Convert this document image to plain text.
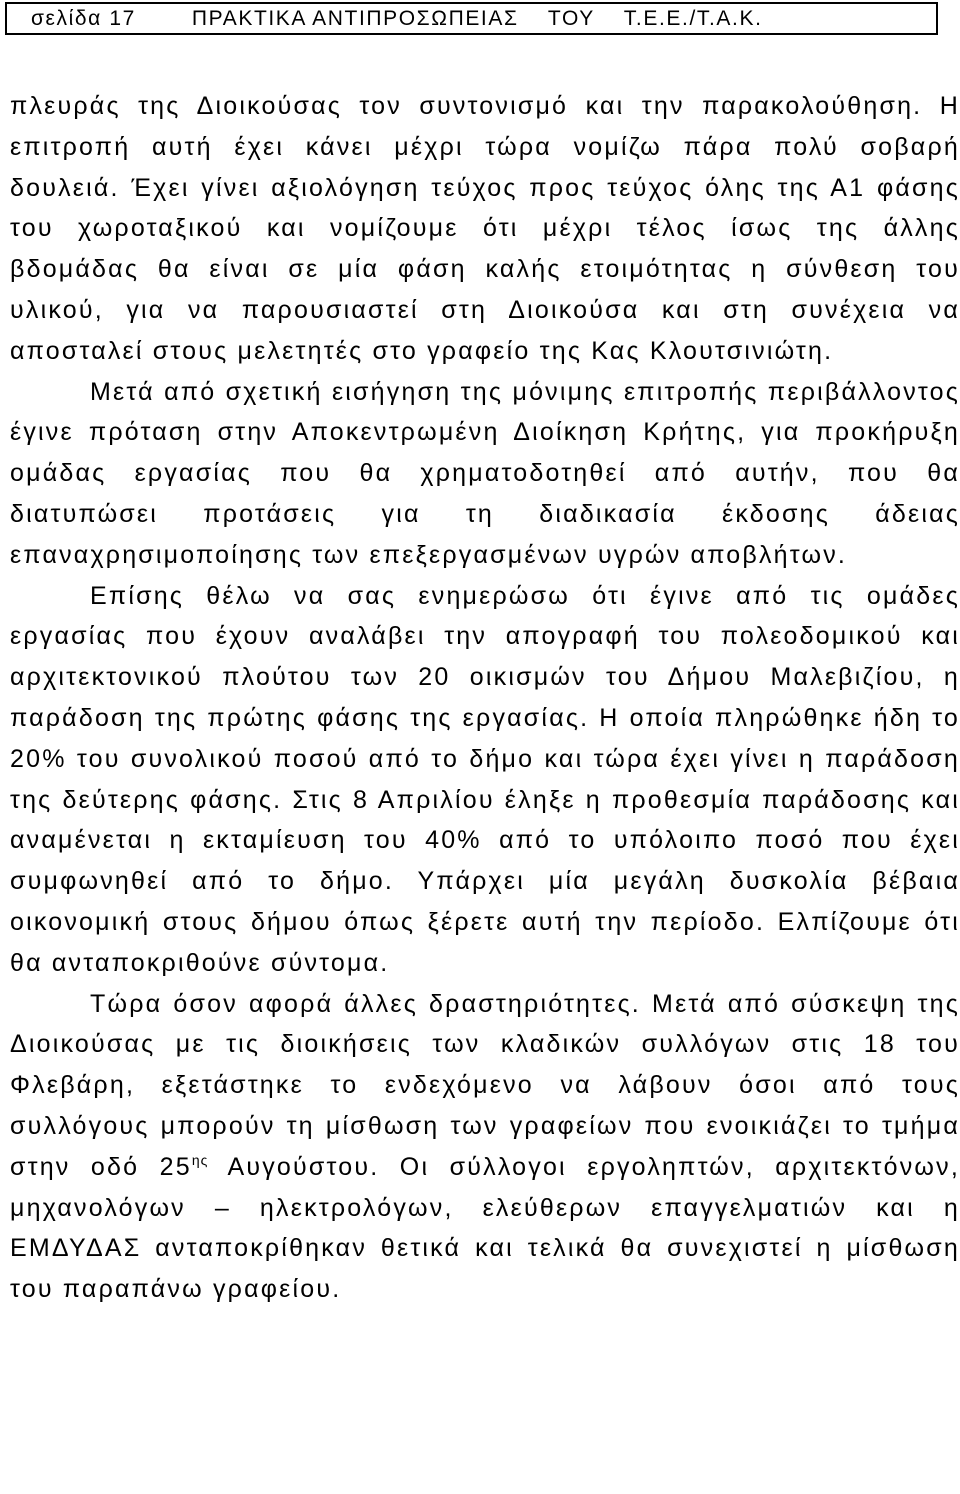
σελίδα 17	ΠΡΑΚΤΙΚΑ ΑΝΤΙΠΡΟΣΩΠΕΙΑΣ    ΤΟΥ    Τ.Ε.Ε./Τ.Α.Κ.

πλευράς της Διοικούσας τον συντονισμό και την παρακολούθηση. Η επιτροπή αυτή έχει κάνει μέχρι τώρα νομίζω πάρα πολύ σοβαρή δουλειά. Έχει γίνει αξιολόγηση τεύχος προς τεύχος όλης της Α1 φάσης του χωροταξικού και νομίζουμε ότι μέχρι τέλος ίσως της άλλης βδομάδας θα είναι σε μία φάση καλής ετοιμότητας η σύνθεση του υλικού, για να παρουσιαστεί στη Διοικούσα και στη συνέχεια να αποσταλεί στους μελετητές στο γραφείο της Κας Κλουτσινιώτη.

Μετά από σχετική εισήγηση της μόνιμης επιτροπής περιβάλλοντος έγινε πρόταση στην Αποκεντρωμένη Διοίκηση Κρήτης, για προκήρυξη ομάδας εργασίας που θα χρηματοδοτηθεί από αυτήν, που θα διατυπώσει προτάσεις για τη διαδικασία έκδοσης άδειας επαναχρησιμοποίησης των επεξεργασμένων υγρών αποβλήτων.

Επίσης θέλω να σας ενημερώσω ότι έγινε από τις ομάδες εργασίας που έχουν αναλάβει την απογραφή του πολεοδομικού και αρχιτεκτονικού πλούτου των 20 οικισμών του Δήμου Μαλεβιζίου, η παράδοση της πρώτης φάσης της εργασίας. Η οποία πληρώθηκε ήδη το 20% του συνολικού ποσού από το δήμο και τώρα έχει γίνει η παράδοση της δεύτερης φάσης. Στις 8 Απριλίου έληξε η προθεσμία παράδοσης και αναμένεται η εκταμίευση του 40% από το υπόλοιπο ποσό που έχει συμφωνηθεί από το δήμο. Υπάρχει μία μεγάλη δυσκολία βέβαια οικονομική στους δήμου όπως ξέρετε αυτή την περίοδο. Ελπίζουμε ότι θα ανταποκριθούνε σύντομα.

Τώρα όσον αφορά άλλες δραστηριότητες. Μετά από σύσκεψη της Διοικούσας με τις διοικήσεις των κλαδικών συλλόγων στις 18 του Φλεβάρη, εξετάστηκε το ενδεχόμενο να λάβουν όσοι από τους συλλόγους μπορούν τη μίσθωση των γραφείων που ενοικιάζει το τμήμα στην οδό $25^{\eta\varsigma}$ Αυγούστου. Οι σύλλογοι εργοληπτών, αρχιτεκτόνων, μηχανολόγων – ηλεκτρολόγων, ελεύθερων επαγγελματιών και η ΕΜΔΥΔΑΣ ανταποκρίθηκαν θετικά και τελικά θα συνεχιστεί η μίσθωση του παραπάνω γραφείου.
